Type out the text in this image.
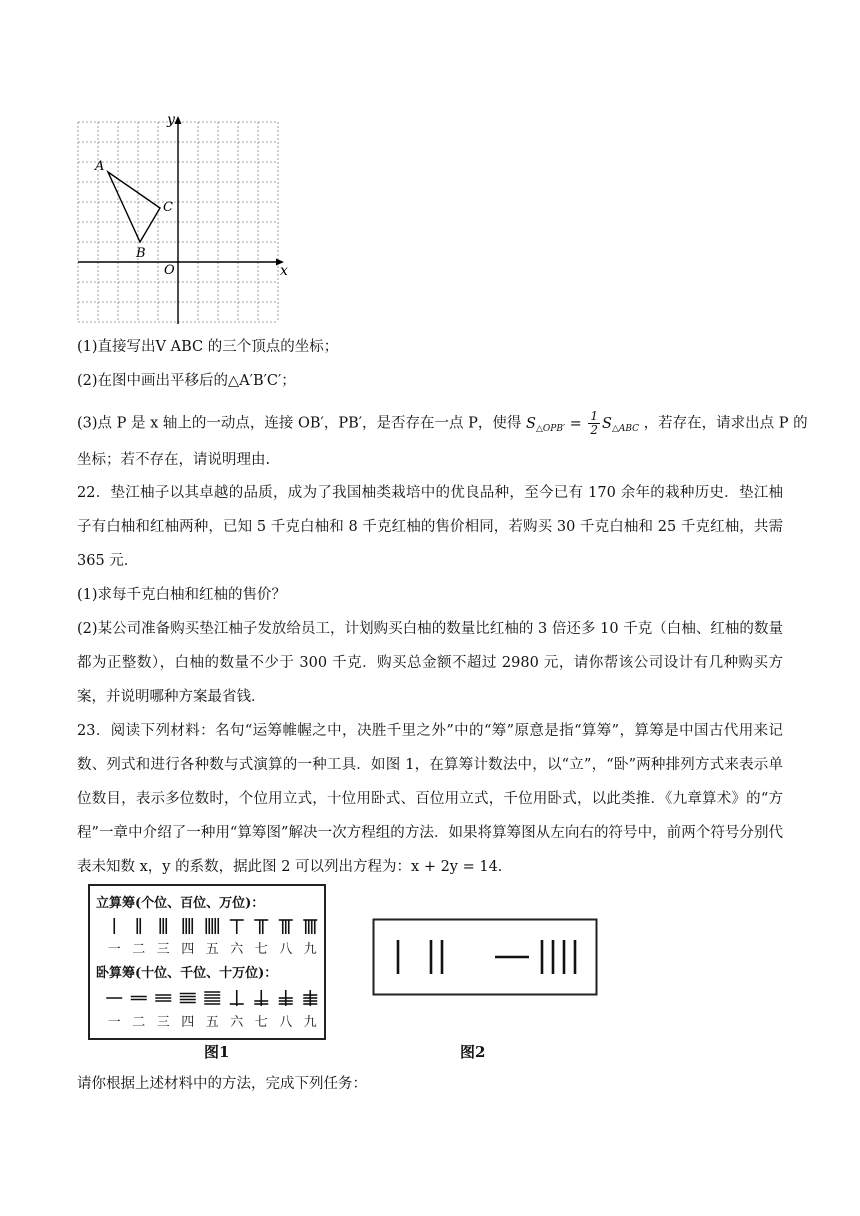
y
x
O
A
B
C
(1)直接写出V ABC 的三个顶点的坐标；
(2)在图中画出平移后的△A′B′C′；
(3)点 P 是 x 轴上的一动点，连接 OB′，PB′，是否存在一点 P，使得 $S_{\triangle OPB'} = \frac{1}{2} S_{\triangle ABC}$ ，若存在，请求出点 P 的
坐标；若不存在，请说明理由.
22．垫江柚子以其卓越的品质，成为了我国柚类栽培中的优良品种，至今已有 170 余年的栽种历史．垫江柚子有白柚和红柚两种，已知 5 千克白柚和 8 千克红柚的售价相同，若购买 30 千克白柚和 25 千克红柚，共需 365 元．
(1)求每千克白柚和红柚的售价？
(2)某公司准备购买垫江柚子发放给员工，计划购买白柚的数量比红柚的 3 倍还多 10 千克（白柚、红柚的数量都为正整数），白柚的数量不少于 300 千克．购买总金额不超过 2980 元，请你帮该公司设计有几种购买方案，并说明哪种方案最省钱．
23．阅读下列材料：名句“运筹帷幄之中，决胜千里之外”中的“筹”原意是指“算筹”，算筹是中国古代用来记数、列式和进行各种数与式演算的一种工具．如图 1，在算筹计数法中，以“立”，“卧”两种排列方式来表示单位数目，表示多位数时，个位用立式，十位用卧式、百位用立式，千位用卧式，以此类推．《九章算术》的“方程”一章中介绍了一种用“算筹图”解决一次方程组的方法．如果将算筹图从左向右的符号中，前两个符号分别代表未知数 x，y 的系数，据此图 2 可以列出方程为：x + 2y = 14．
立算筹(个位、百位、万位)：
一 二 三 四 五 六 七 八 九
卧算筹(十位、千位、十万位)：
一 二 三 四 五 六 七 八 九
图1	图2
请你根据上述材料中的方法，完成下列任务：
